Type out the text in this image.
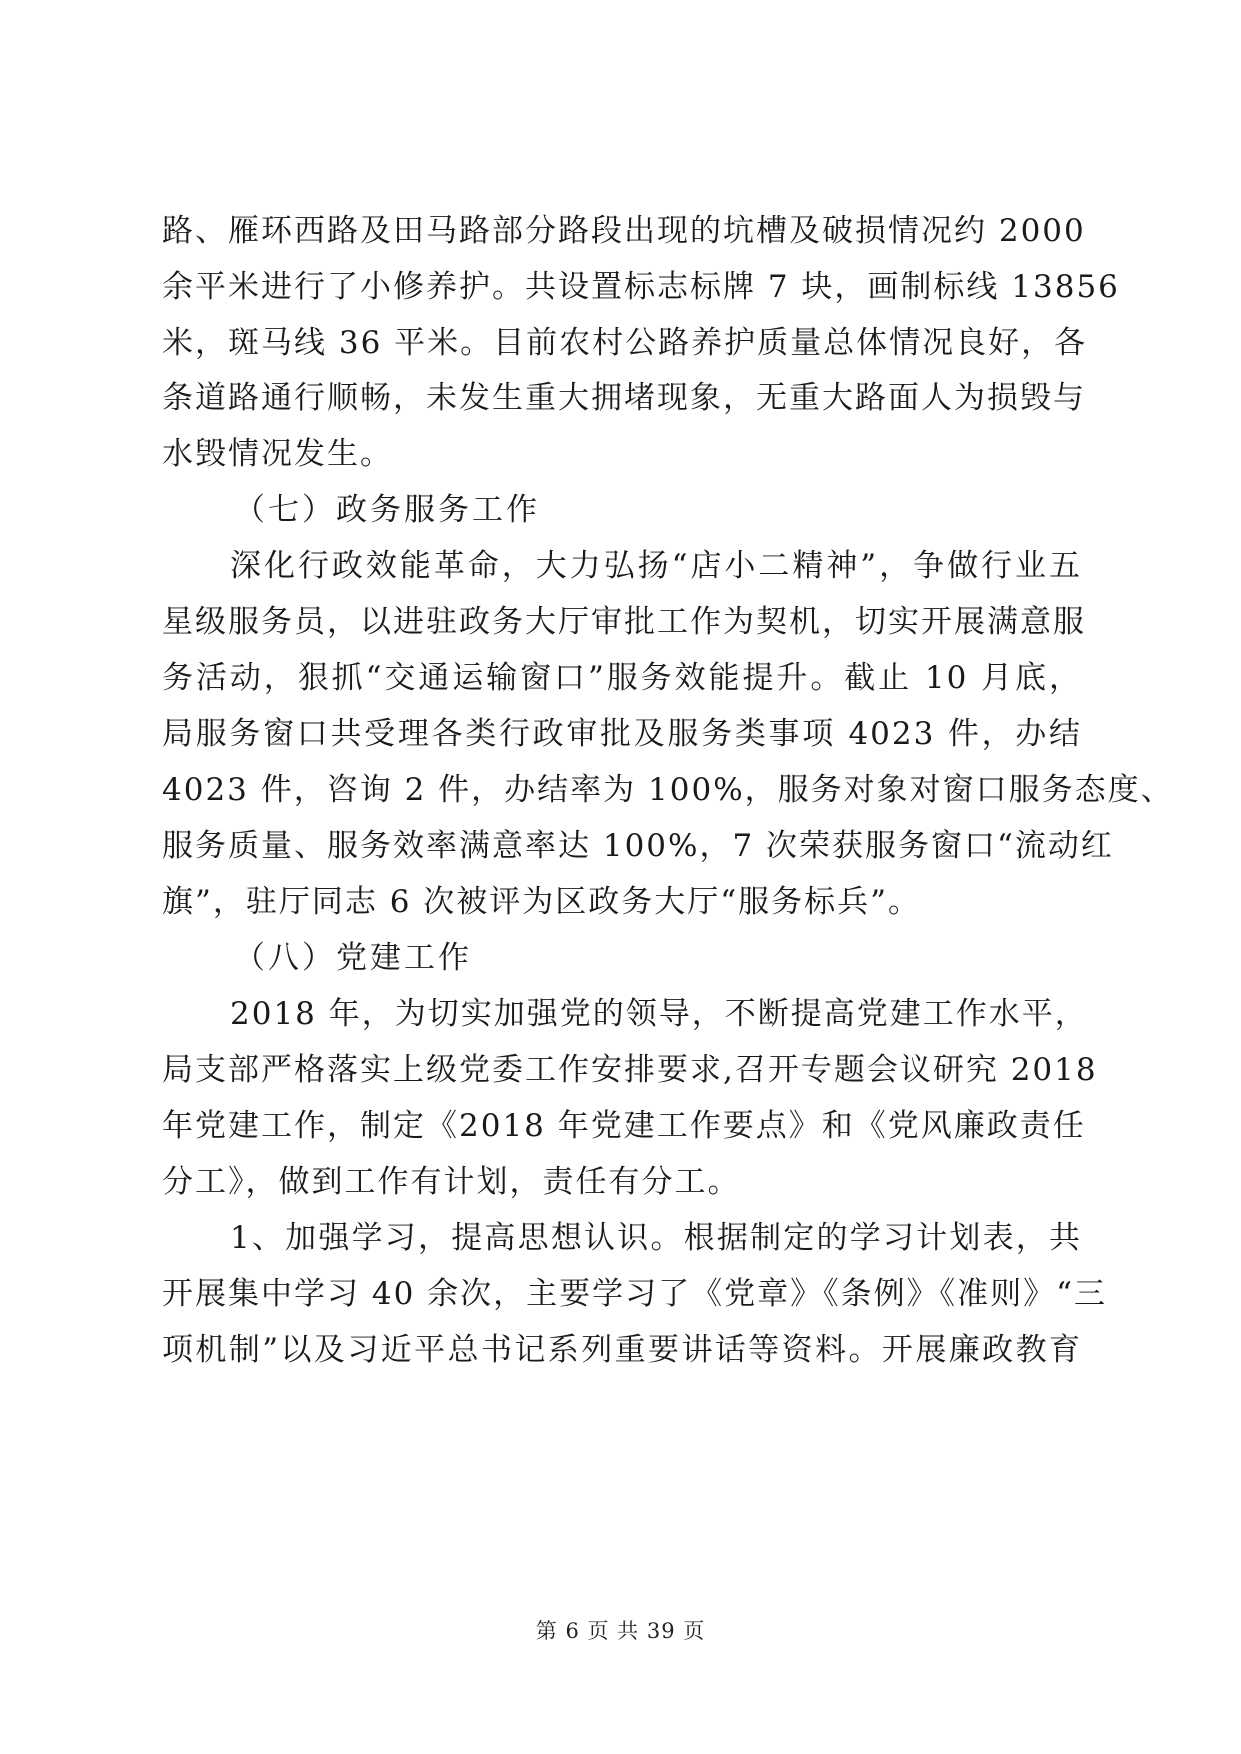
路、雁环西路及田马路部分路段出现的坑槽及破损情况约 2000
余平米进行了小修养护。共设置标志标牌 7 块，画制标线 13856
米，斑马线 36 平米。目前农村公路养护质量总体情况良好，各
条道路通行顺畅，未发生重大拥堵现象，无重大路面人为损毁与
水毁情况发生。
（七）政务服务工作
深化行政效能革命，大力弘扬“店小二精神”，争做行业五
星级服务员，以进驻政务大厅审批工作为契机，切实开展满意服
务活动，狠抓“交通运输窗口”服务效能提升。截止 10 月底，
局服务窗口共受理各类行政审批及服务类事项 4023 件，办结
4023 件，咨询 2 件，办结率为 100%，服务对象对窗口服务态度、
服务质量、服务效率满意率达 100%，7 次荣获服务窗口“流动红
旗”，驻厅同志 6 次被评为区政务大厅“服务标兵”。
（八）党建工作
2018 年，为切实加强党的领导，不断提高党建工作水平，
局支部严格落实上级党委工作安排要求,召开专题会议研究 2018
年党建工作，制定《2018 年党建工作要点》和《党风廉政责任
分工》，做到工作有计划，责任有分工。
1、加强学习，提高思想认识。根据制定的学习计划表，共
开展集中学习 40 余次，主要学习了《党章》《条例》《准则》“三
项机制”以及习近平总书记系列重要讲话等资料。开展廉政教育
第 6 页 共 39 页
